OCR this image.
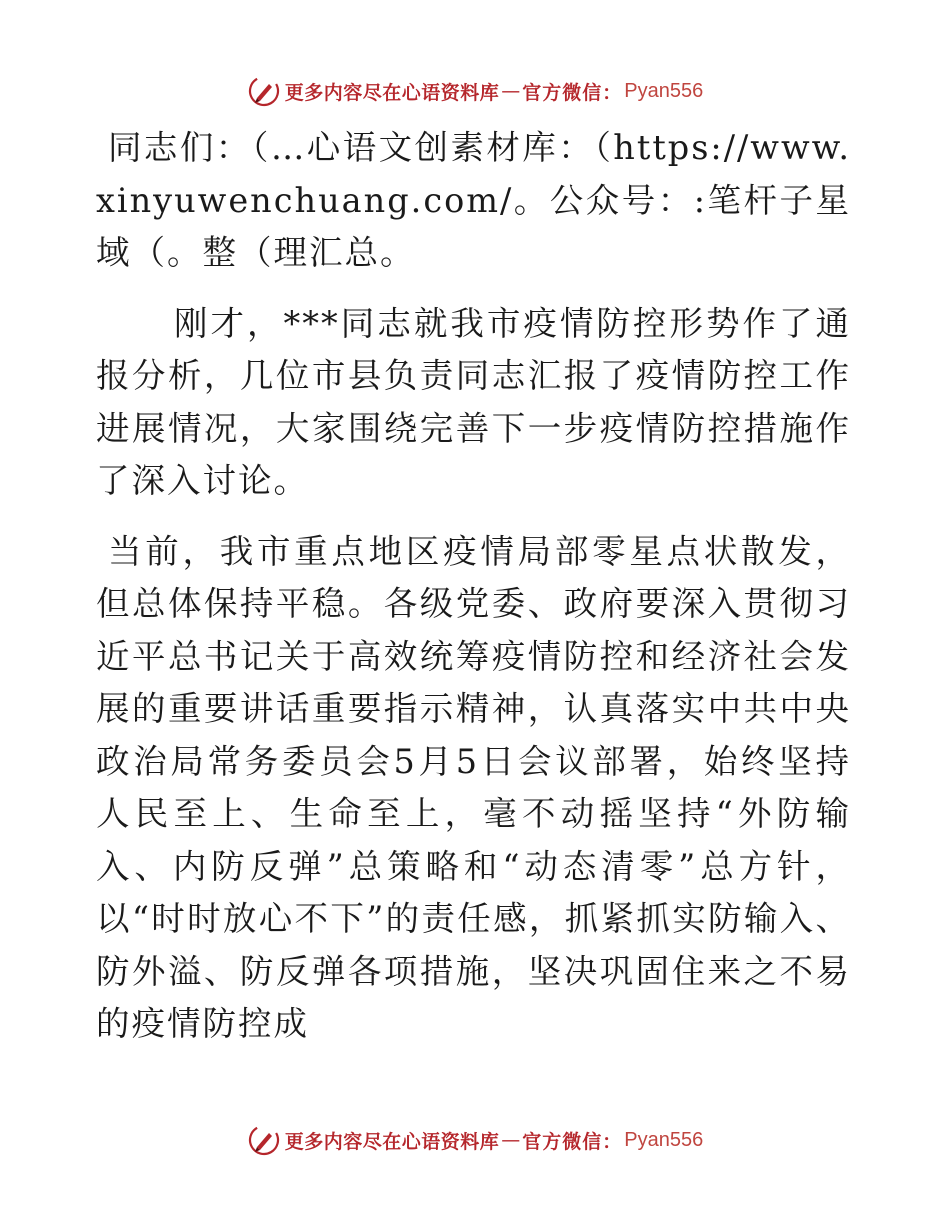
更多内容尽在心语资料库 — 官方微信： Pyan556

同志们：（…心语文创素材库：（https://www.xinyuwenchuang.com/。公众号：:笔杆子星域（。整（理汇总。

刚才，***同志就我市疫情防控形势作了通报分析，几位市县负责同志汇报了疫情防控工作进展情况，大家围绕完善下一步疫情防控措施作了深入讨论。

当前，我市重点地区疫情局部零星点状散发，但总体保持平稳。各级党委、政府要深入贯彻习近平总书记关于高效统筹疫情防控和经济社会发展的重要讲话重要指示精神，认真落实中共中央政治局常务委员会5月5日会议部署，始终坚持人民至上、生命至上，毫不动摇坚持“外防输入、内防反弹”总策略和“动态清零”总方针，以“时时放心不下”的责任感，抓紧抓实防输入、防外溢、防反弹各项措施，坚决巩固住来之不易的疫情防控成

更多内容尽在心语资料库 — 官方微信： Pyan556
